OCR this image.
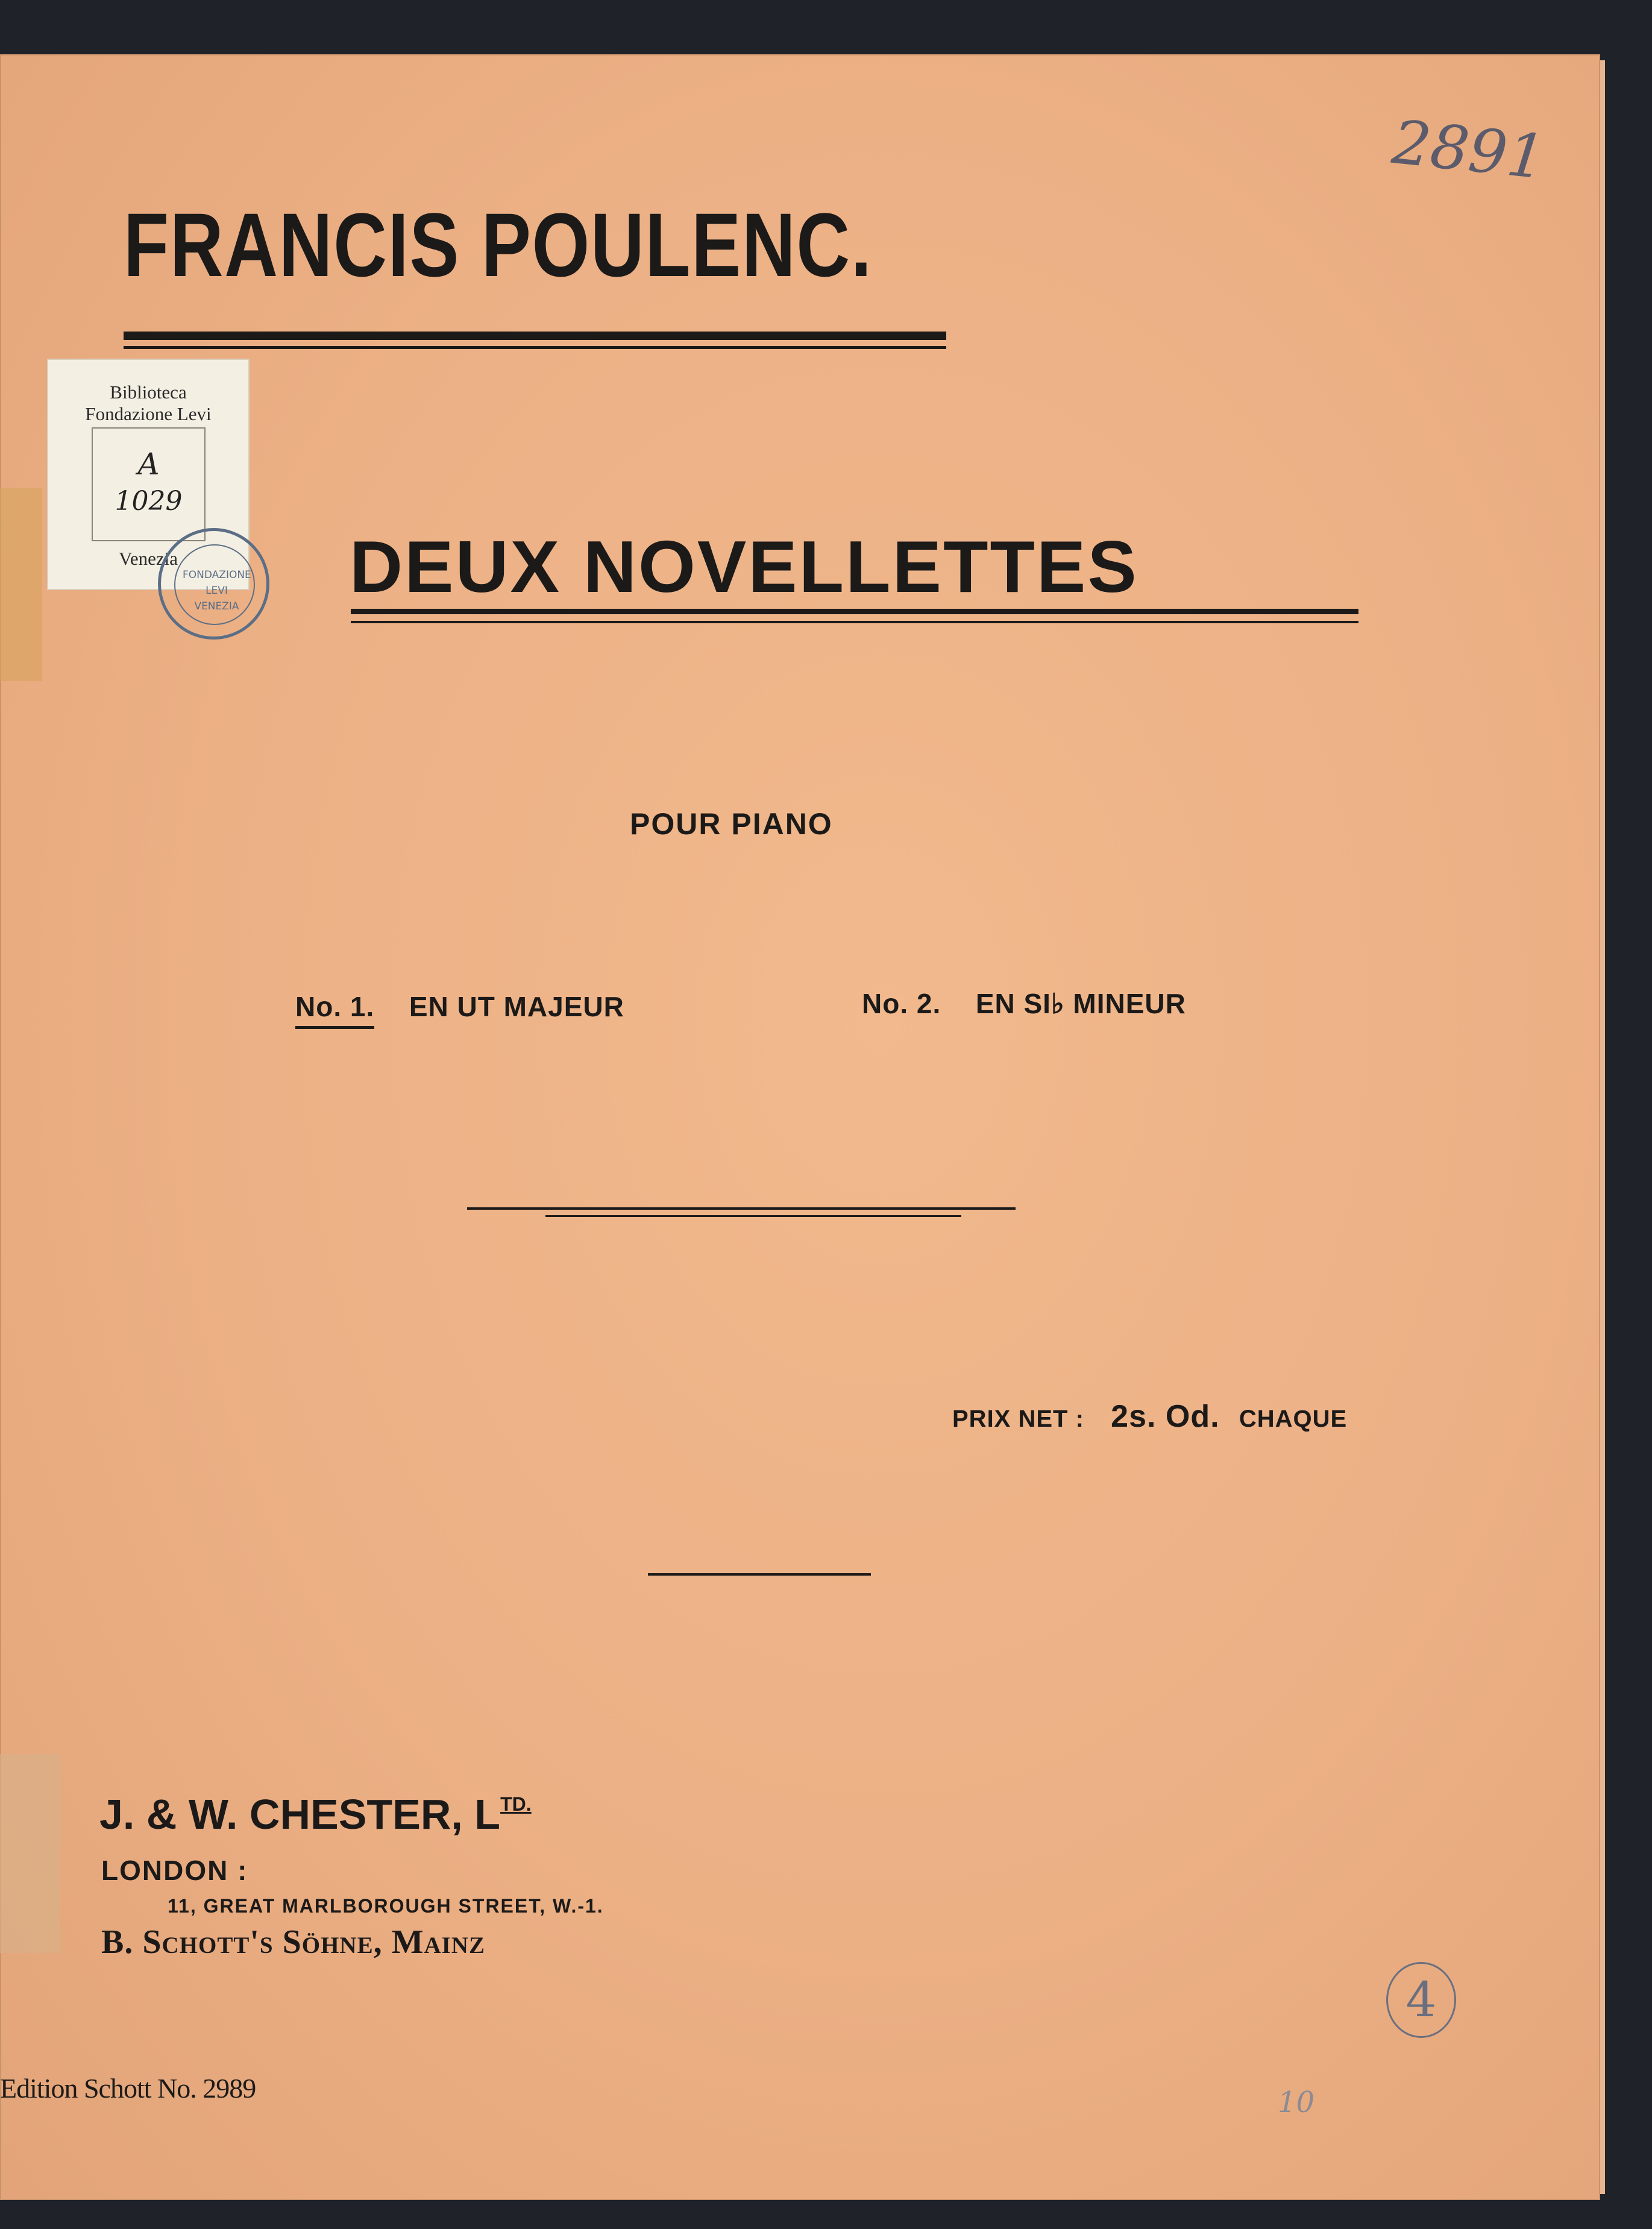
2891
FRANCIS POULENC.
Biblioteca
Fondazione Levi
A
1029
Venezia
FONDAZIONE LEVI VENEZIA	DEUX NOVELLETTES
POUR PIANO
No. 1. EN UT MAJEUR	No. 2. EN SI♭ MINEUR
PRIX NET : 2s. Od. CHAQUE
J. & W. CHESTER, $L^{TD.}$
LONDON :
11, GREAT MARLBOROUGH STREET, W.-1.
B. Schott's Söhne, Mainz
Edition Schott No. 2989
4
10
